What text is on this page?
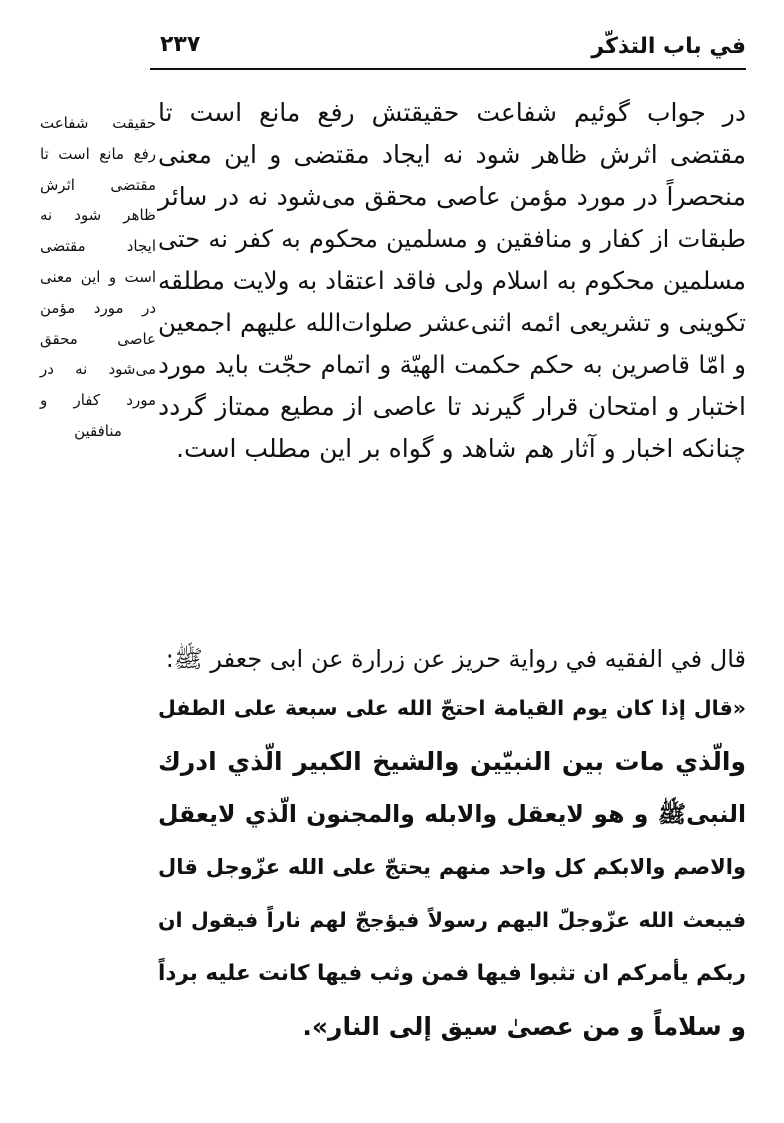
في باب التذكّر
٢٣٧
در جواب گوئیم شفاعت حقیقتش رفع مانع است تا
مقتضی اثرش ظاهر شود نه ایجاد مقتضی و این معنی
منحصراً در مورد مؤمن عاصی محقق می‌شود نه در سائر
طبقات از کفار و منافقین و مسلمین محکوم به کفر نه حتی
مسلمین محکوم به اسلام ولی فاقد اعتقاد به ولایت مطلقه
تکوینی و تشریعی ائمه اثنی‌عشر صلوات‌الله علیهم اجمعین
و امّا قاصرین به حکم حکمت الهیّة و اتمام حجّت باید مورد
اختبار و امتحان قرار گیرند تا عاصی از مطیع ممتاز گردد
چنانکه اخبار و آثار هم شاهد و گواه بر این مطلب است.
قال في الفقیه في روایة حریز عن زرارة عن ابی جعفر ﷺ:
«قال إذا کان یوم القیامة احتجّ الله علی سبعة علی الطفل
والّذي مات بین النبیّین والشیخ الکبیر الّذي ادرك
النبیﷺ و هو لایعقل والابله والمجنون الّذي لایعقل
والاصم والابکم کل واحد منهم یحتجّ علی الله عزّوجل قال
فیبعث الله عزّوجلّ الیهم رسولاً فیؤججّ لهم ناراً فیقول ان
ربکم یأمرکم ان تثبوا فیها فمن وثب فیها کانت علیه برداً
و سلاماً و من عصیٰ سیق إلی النار».
حقیقت شفاعت
رفع مانع است تا
مقتضی اثرش
ظاهر شود نه
ایجاد مقتضی
است و این معنی
در مورد مؤمن
عاصی محقق
می‌شود نه در
مورد کفار و
منافقین
